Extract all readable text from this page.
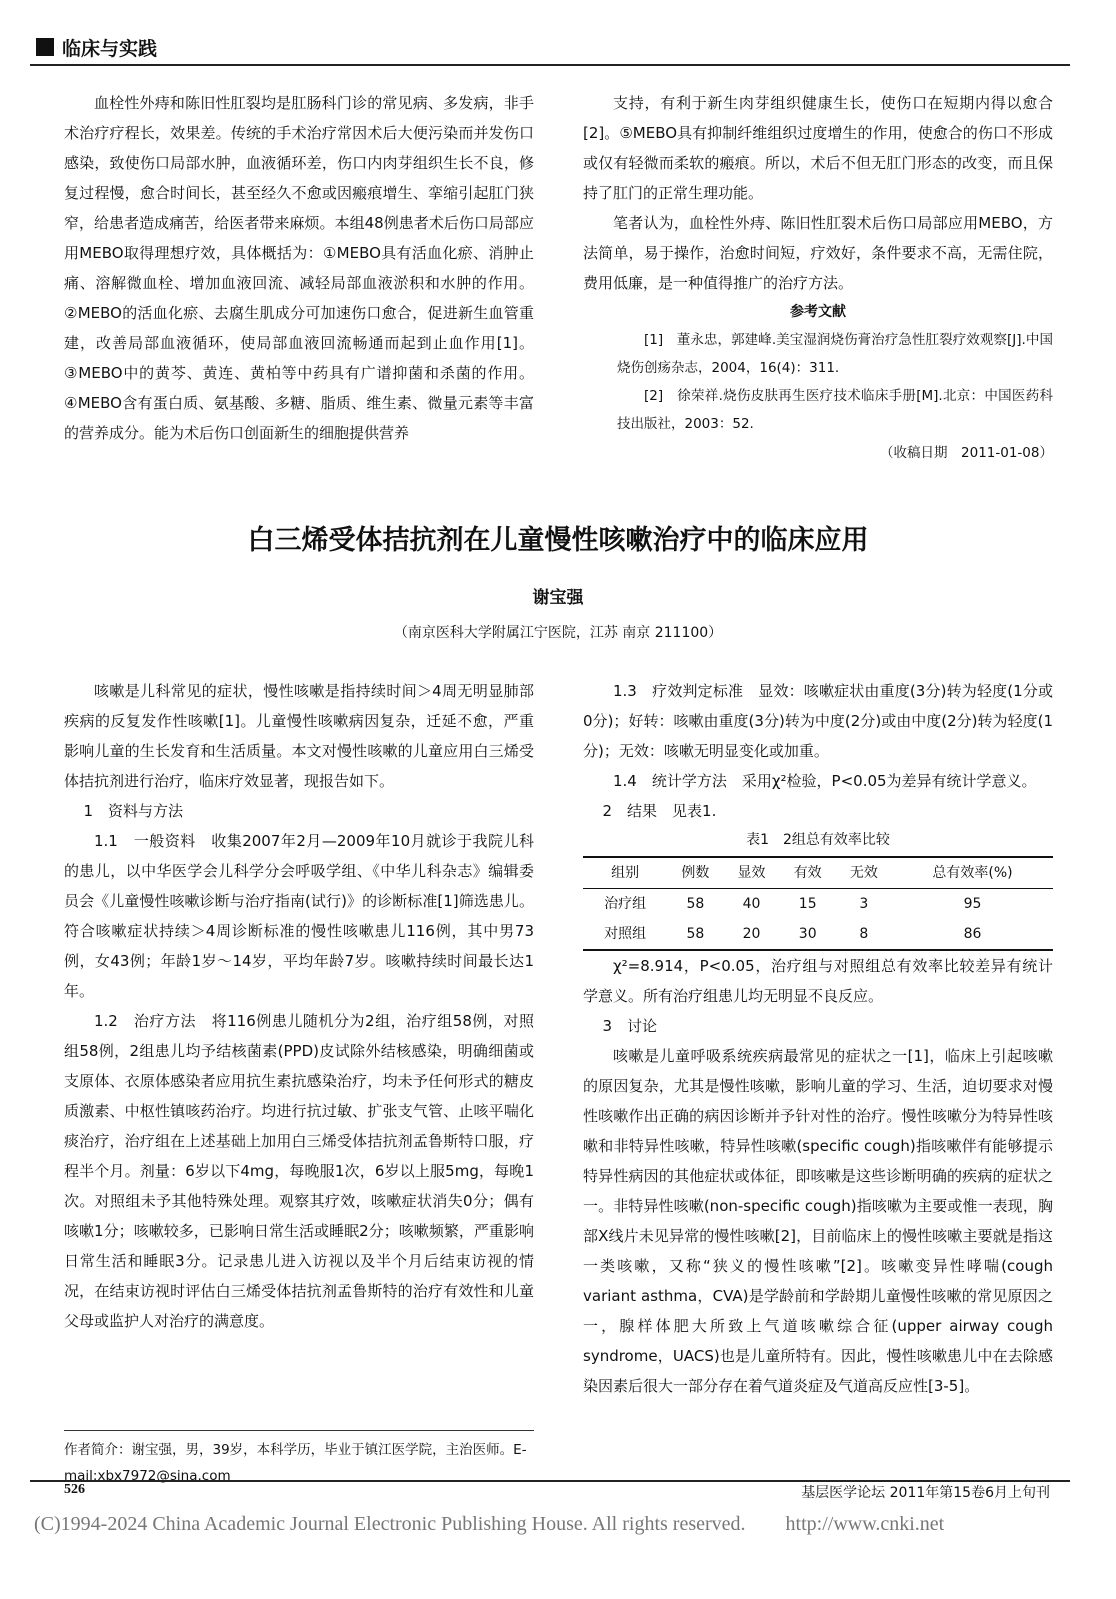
临床与实践

血栓性外痔和陈旧性肛裂均是肛肠科门诊的常见病、多发病，非手术治疗疗程长，效果差。传统的手术治疗常因术后大便污染而并发伤口感染，致使伤口局部水肿，血液循环差，伤口内肉芽组织生长不良，修复过程慢，愈合时间长，甚至经久不愈或因瘢痕增生、挛缩引起肛门狭窄，给患者造成痛苦，给医者带来麻烦。本组48例患者术后伤口局部应用MEBO取得理想疗效，具体概括为：①MEBO具有活血化瘀、消肿止痛、溶解微血栓、增加血液回流、减轻局部血液淤积和水肿的作用。②MEBO的活血化瘀、去腐生肌成分可加速伤口愈合，促进新生血管重建，改善局部血液循环，使局部血液回流畅通而起到止血作用[1]。③MEBO中的黄芩、黄连、黄柏等中药具有广谱抑菌和杀菌的作用。④MEBO含有蛋白质、氨基酸、多糖、脂质、维生素、微量元素等丰富的营养成分。能为术后伤口创面新生的细胞提供营养

支持，有利于新生肉芽组织健康生长，使伤口在短期内得以愈合[2]。⑤MEBO具有抑制纤维组织过度增生的作用，使愈合的伤口不形成或仅有轻微而柔软的瘢痕。所以，术后不但无肛门形态的改变，而且保持了肛门的正常生理功能。

笔者认为，血栓性外痔、陈旧性肛裂术后伤口局部应用MEBO，方法简单，易于操作，治愈时间短，疗效好，条件要求不高，无需住院，费用低廉，是一种值得推广的治疗方法。

参考文献

[1]　董永忠，郭建峰.美宝湿润烧伤膏治疗急性肛裂疗效观察[J].中国烧伤创疡杂志，2004，16(4)：311.

[2]　徐荣祥.烧伤皮肤再生医疗技术临床手册[M].北京：中国医药科技出版社，2003：52.

（收稿日期　2011-01-08）
白三烯受体拮抗剂在儿童慢性咳嗽治疗中的临床应用
谢宝强
（南京医科大学附属江宁医院，江苏 南京 211100）

咳嗽是儿科常见的症状，慢性咳嗽是指持续时间＞4周无明显肺部疾病的反复发作性咳嗽[1]。儿童慢性咳嗽病因复杂，迁延不愈，严重影响儿童的生长发育和生活质量。本文对慢性咳嗽的儿童应用白三烯受体拮抗剂进行治疗，临床疗效显著，现报告如下。

1　资料与方法

1.1　一般资料　收集2007年2月—2009年10月就诊于我院儿科的患儿，以中华医学会儿科学分会呼吸学组、《中华儿科杂志》编辑委员会《儿童慢性咳嗽诊断与治疗指南(试行)》的诊断标准[1]筛选患儿。符合咳嗽症状持续＞4周诊断标准的慢性咳嗽患儿116例，其中男73例，女43例；年龄1岁～14岁，平均年龄7岁。咳嗽持续时间最长达1年。

1.2　治疗方法　将116例患儿随机分为2组，治疗组58例，对照组58例，2组患儿均予结核菌素(PPD)皮试除外结核感染，明确细菌或支原体、衣原体感染者应用抗生素抗感染治疗，均未予任何形式的糖皮质激素、中枢性镇咳药治疗。均进行抗过敏、扩张支气管、止咳平喘化痰治疗，治疗组在上述基础上加用白三烯受体拮抗剂孟鲁斯特口服，疗程半个月。剂量：6岁以下4mg，每晚服1次，6岁以上服5mg，每晚1次。对照组未予其他特殊处理。观察其疗效，咳嗽症状消失0分；偶有咳嗽1分；咳嗽较多，已影响日常生活或睡眠2分；咳嗽频繁，严重影响日常生活和睡眠3分。记录患儿进入访视以及半个月后结束访视的情况，在结束访视时评估白三烯受体拮抗剂孟鲁斯特的治疗有效性和儿童父母或监护人对治疗的满意度。

作者简介：谢宝强，男，39岁，本科学历，毕业于镇江医学院，主治医师。E-mail:xbx7972@sina.com

1.3　疗效判定标准　显效：咳嗽症状由重度(3分)转为轻度(1分或0分)；好转：咳嗽由重度(3分)转为中度(2分)或由中度(2分)转为轻度(1分)；无效：咳嗽无明显变化或加重。

1.4　统计学方法　采用χ²检验，P<0.05为差异有统计学意义。

2　结果　见表1.

表1　2组总有效率比较
组别	例数	显效	有效	无效	总有效率(%)
治疗组	58	40	15	3	95
对照组	58	20	30	8	86

χ²=8.914，P<0.05，治疗组与对照组总有效率比较差异有统计学意义。所有治疗组患儿均无明显不良反应。

3　讨论

咳嗽是儿童呼吸系统疾病最常见的症状之一[1]，临床上引起咳嗽的原因复杂，尤其是慢性咳嗽，影响儿童的学习、生活，迫切要求对慢性咳嗽作出正确的病因诊断并予针对性的治疗。慢性咳嗽分为特异性咳嗽和非特异性咳嗽，特异性咳嗽(specific cough)指咳嗽伴有能够提示特异性病因的其他症状或体征，即咳嗽是这些诊断明确的疾病的症状之一。非特异性咳嗽(non-specific cough)指咳嗽为主要或惟一表现，胸部X线片未见异常的慢性咳嗽[2]，目前临床上的慢性咳嗽主要就是指这一类咳嗽，又称“狭义的慢性咳嗽”[2]。咳嗽变异性哮喘(cough variant asthma，CVA)是学龄前和学龄期儿童慢性咳嗽的常见原因之一，腺样体肥大所致上气道咳嗽综合征(upper airway cough syndrome，UACS)也是儿童所特有。因此，慢性咳嗽患儿中在去除感染因素后很大一部分存在着气道炎症及气道高反应性[3-5]。

526	基层医学论坛 2011年第15卷6月上旬刊
(C)1994-2024 China Academic Journal Electronic Publishing House. All rights reserved.　　http://www.cnki.net
